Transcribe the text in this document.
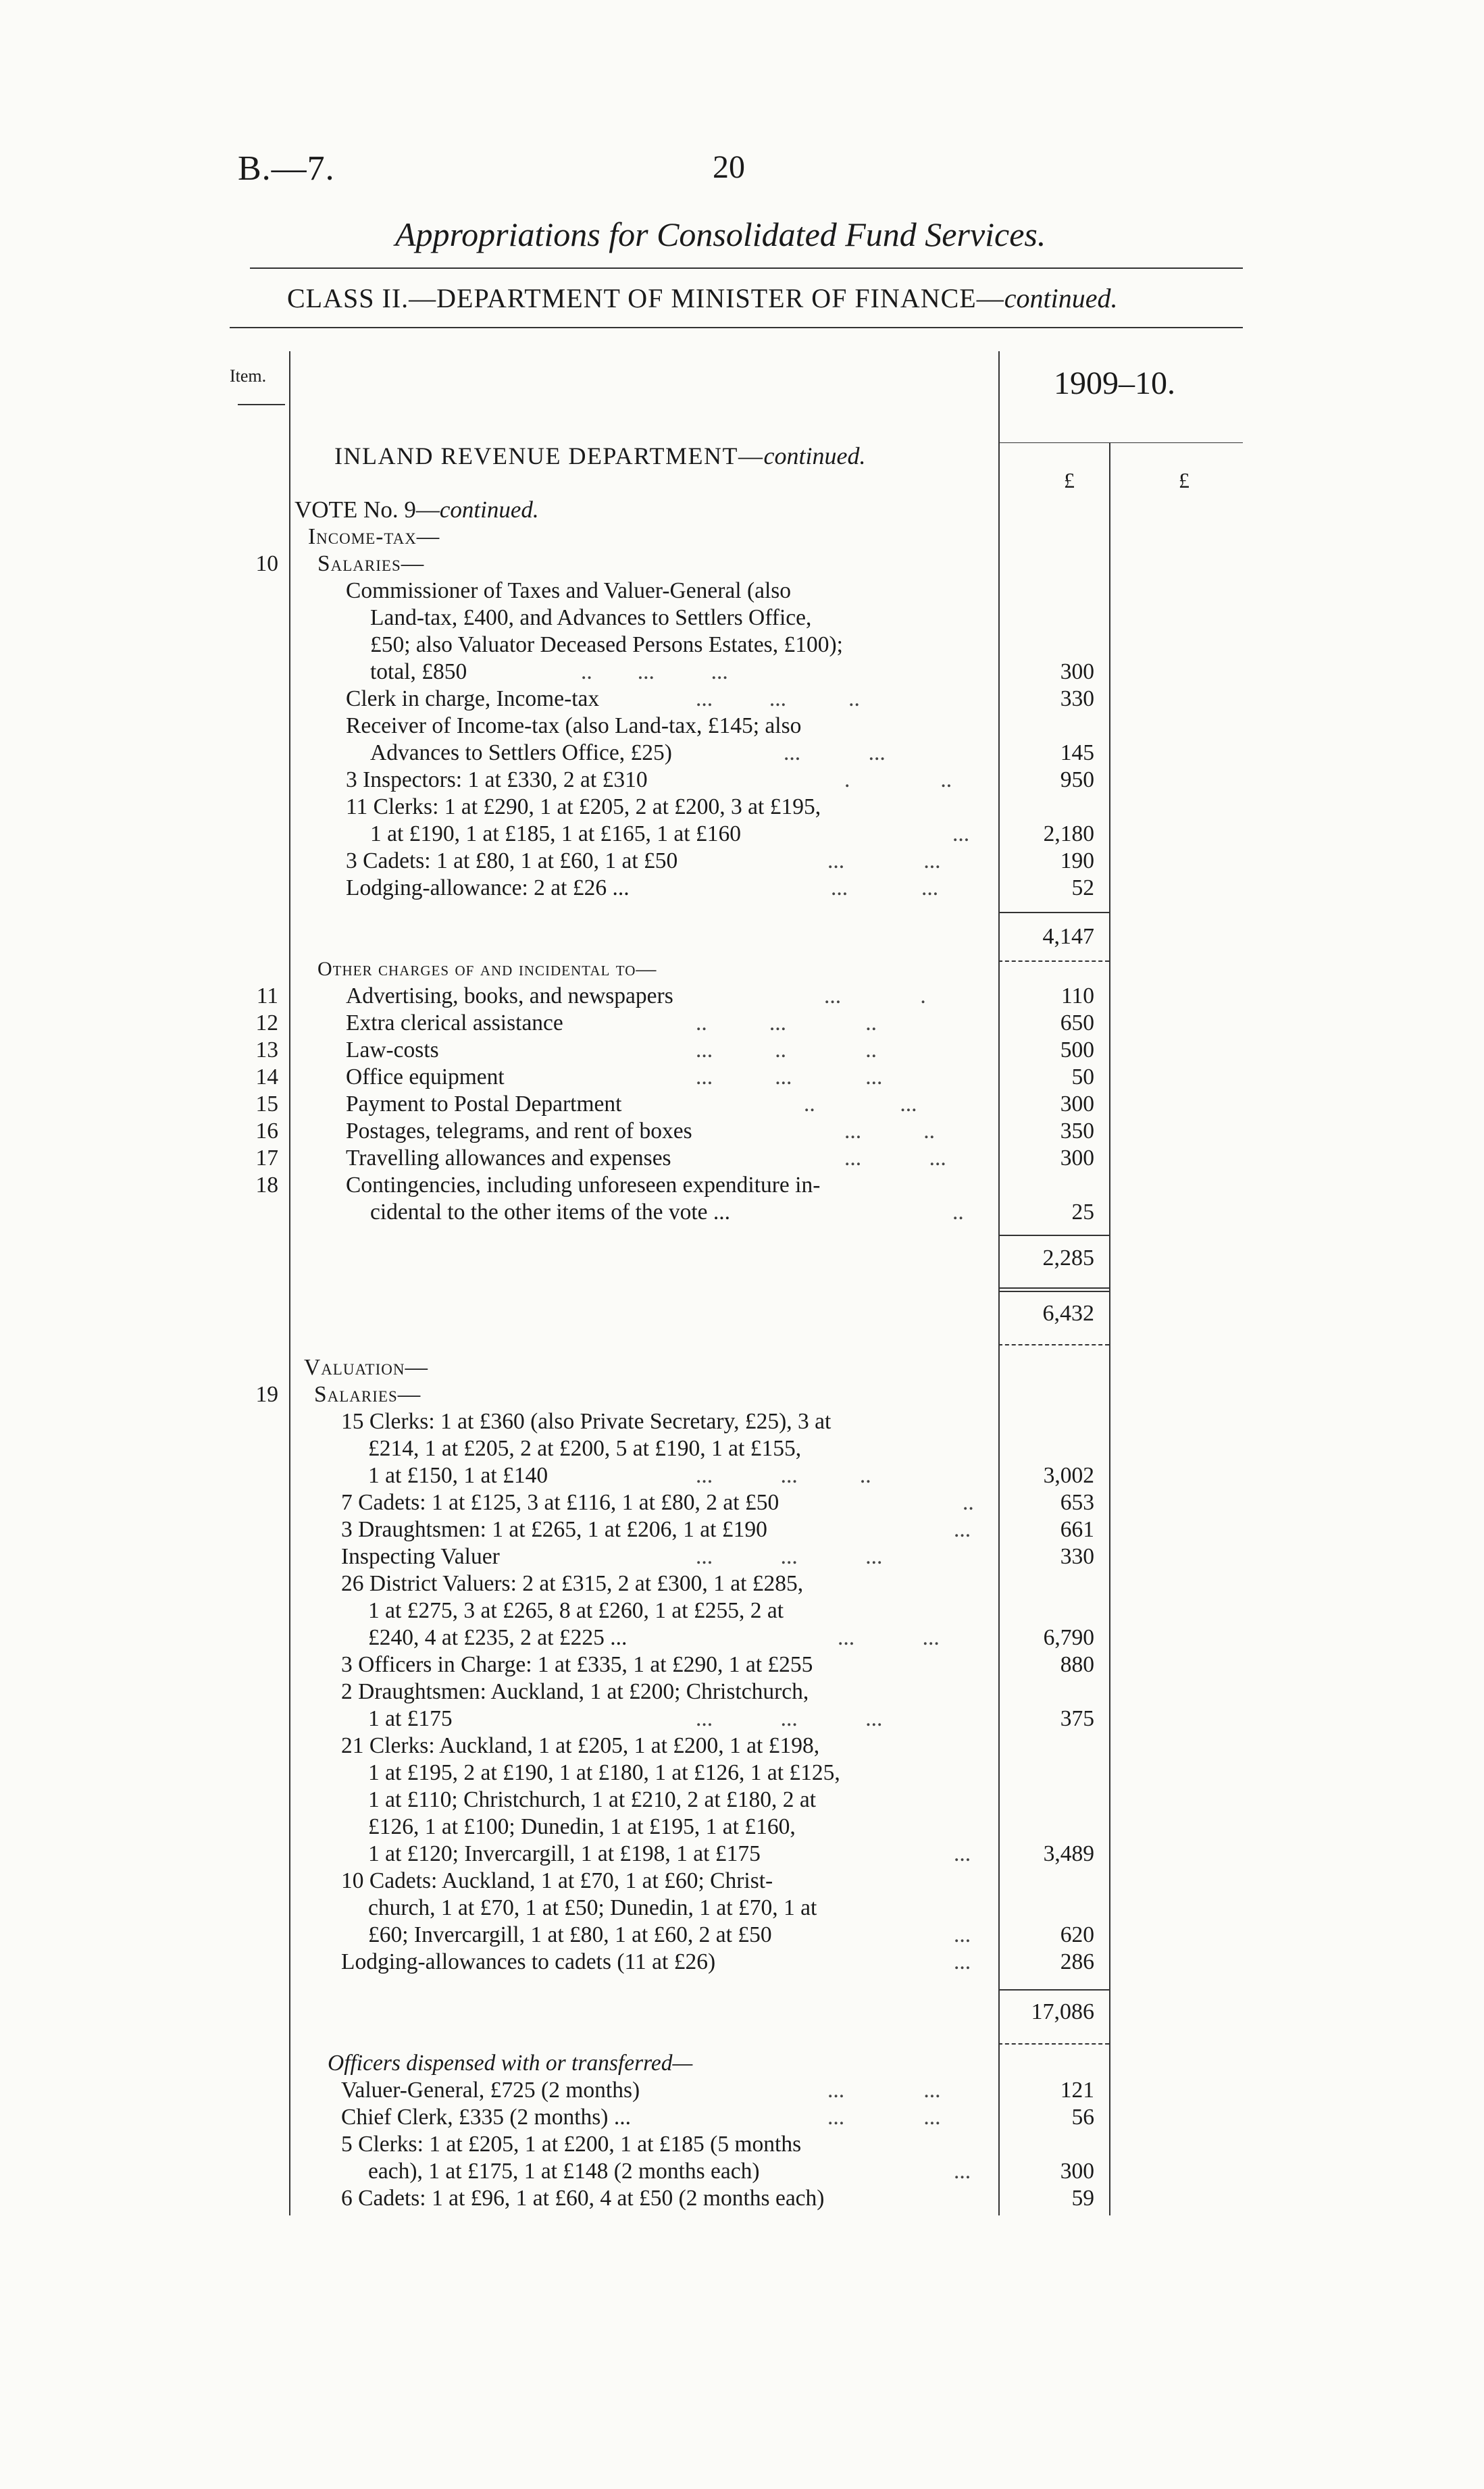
B.—7.	20
Appropriations for Consolidated Fund Services.
CLASS II.—DEPARTMENT OF MINISTER OF FINANCE—continued.
Item.	1909–10.
£	£
INLAND REVENUE DEPARTMENT—continued.
VOTE No. 9—continued.
Income-tax—
10 Salaries—
Commissioner of Taxes and Valuer-General (also
Land-tax, £400, and Advances to Settlers Office,
£50; also Valuator Deceased Persons Estates, £100);
total, £850	..        ...          ...	300
Clerk in charge, Income-tax	...          ...           ..	330
Receiver of Income-tax (also Land-tax, £145; also
Advances to Settlers Office, £25)	...            ...	145
3 Inspectors: 1 at £330, 2 at £310	.                ..	950
11 Clerks: 1 at £290, 1 at £205, 2 at £200, 3 at £195,
1 at £190, 1 at £185, 1 at £165, 1 at £160	...	2,180
3 Cadets: 1 at £80, 1 at £60, 1 at £50	...              ...	190
Lodging-allowance: 2 at £26 ...	...             ...	52
4,147
Other charges of and incidental to—
11	Advertising, books, and newspapers	...              .	110
12	Extra clerical assistance	..           ...              ..	650
13	Law-costs	...           ..              ..	500
14	Office equipment	...           ...             ...	50
15	Payment to Postal Department	..               ...	300
16	Postages, telegrams, and rent of boxes	...           ..	350
17	Travelling allowances and expenses	...            ...	300
18	Contingencies, including unforeseen expenditure in-
cidental to the other items of the vote ...	..	25
2,285
6,432
Valuation—
19 Salaries—
15 Clerks: 1 at £360 (also Private Secretary, £25), 3 at
£214, 1 at £205, 2 at £200, 5 at £190, 1 at £155,
1 at £150, 1 at £140	...            ...           ..	3,002
7 Cadets: 1 at £125, 3 at £116, 1 at £80, 2 at £50	..	653
3 Draughtsmen: 1 at £265, 1 at £206, 1 at £190	...	661
Inspecting Valuer	...            ...            ...	330
26 District Valuers: 2 at £315, 2 at £300, 1 at £285,
1 at £275, 3 at £265, 8 at £260, 1 at £255, 2 at
£240, 4 at £235, 2 at £225 ...	...            ...	6,790
3 Officers in Charge: 1 at £335, 1 at £290, 1 at £255	880
2 Draughtsmen: Auckland, 1 at £200; Christchurch,
1 at £175	...            ...            ...	375
21 Clerks: Auckland, 1 at £205, 1 at £200, 1 at £198,
1 at £195, 2 at £190, 1 at £180, 1 at £126, 1 at £125,
1 at £110; Christchurch, 1 at £210, 2 at £180, 2 at
£126, 1 at £100; Dunedin, 1 at £195, 1 at £160,
1 at £120; Invercargill, 1 at £198, 1 at £175	...	3,489
10 Cadets: Auckland, 1 at £70, 1 at £60; Christ-
church, 1 at £70, 1 at £50; Dunedin, 1 at £70, 1 at
£60; Invercargill, 1 at £80, 1 at £60, 2 at £50	...	620
Lodging-allowances to cadets (11 at £26)	...	286
17,086
Officers dispensed with or transferred—
Valuer-General, £725 (2 months)	...              ...	121
Chief Clerk, £335 (2 months) ...	...              ...	56
5 Clerks: 1 at £205, 1 at £200, 1 at £185 (5 months
each), 1 at £175, 1 at £148 (2 months each)	...	300
6 Cadets: 1 at £96, 1 at £60, 4 at £50 (2 months each)	59
